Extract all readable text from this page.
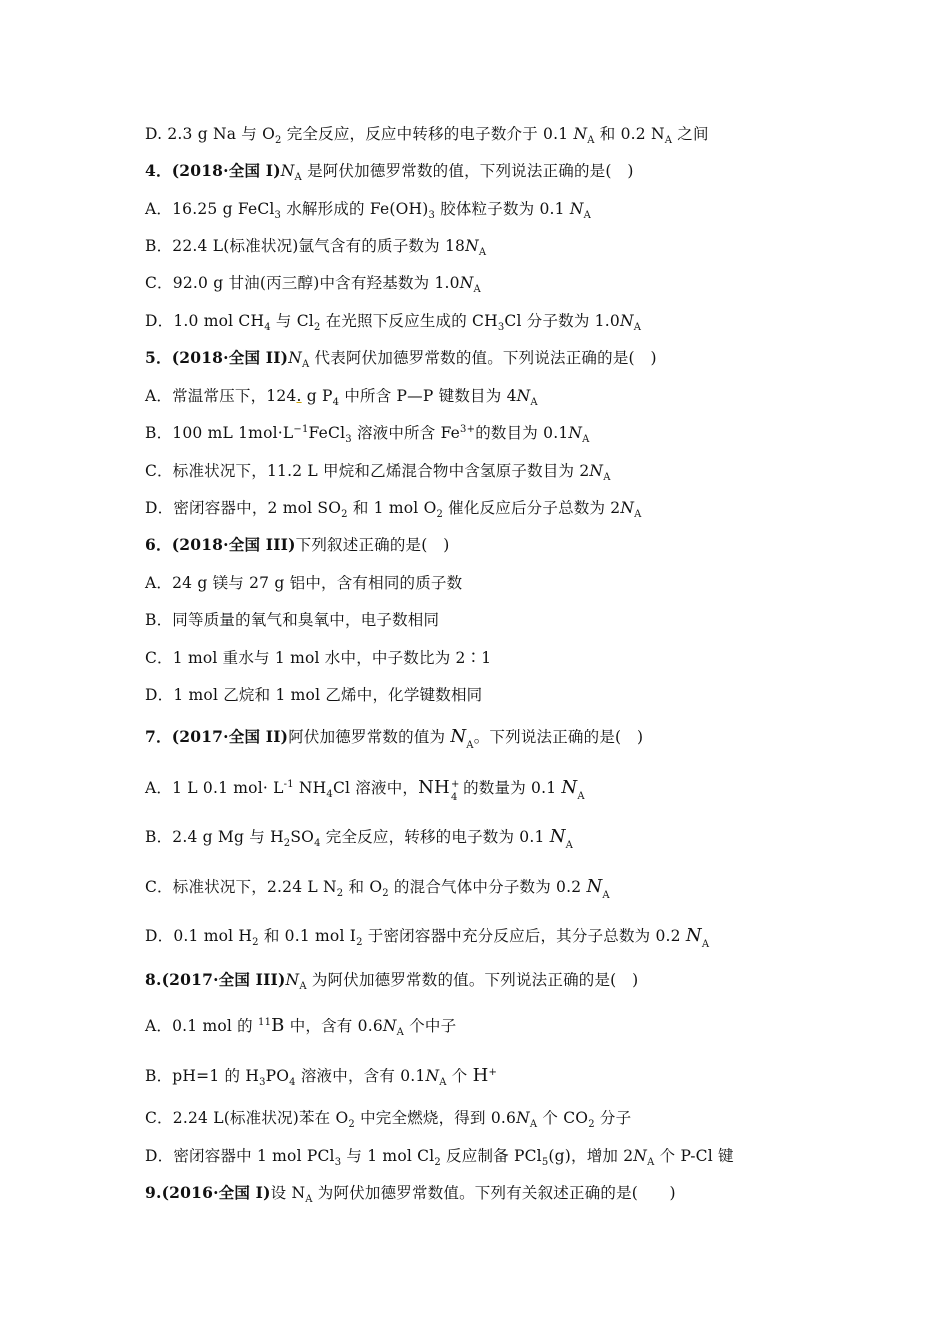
D. 2.3 g Na 与 $O_2$ 完全反应，反应中转移的电子数介于 0.1 $N_A$ 和 0.2 $N_A$ 之间
4．(2018·全国 $I)N_A$ 是阿伏加德罗常数的值，下列说法正确的是(　)
A．16.25 g FeCl$_3$ 水解形成的 $Fe(OH)_3$ 胶体粒子数为 0.1 $N_A$
B．22.4 L(标准状况)氩气含有的质子数为 $18N_A$
C．92.0 g 甘油(丙三醇)中含有羟基数为 $1.0N_A$
D．1.0 mol $CH_4$ 与 $Cl_2$ 在光照下反应生成的 $CH_3Cl$ 分子数为 $1.0N_A$
5．(2018·全国 $II)N_A$ 代表阿伏加德罗常数的值。下列说法正确的是(　)
A．常温常压下，124. g $P_4$ 中所含 P—P 键数目为 $4N_A$
B．100 mL $1mol\cdot L^{-1}FeCl_3$ 溶液中所含 $Fe^{3+}$的数目为 $0.1N_A$
C．标准状况下，11.2 L 甲烷和乙烯混合物中含氢原子数目为 $2N_A$
D．密闭容器中，2 mol $SO_2$ 和 1 mol $O_2$ 催化反应后分子总数为 $2N_A$
6．(2018·全国 III)下列叙述正确的是(　)
A．24 g 镁与 27 g 铝中，含有相同的质子数
B．同等质量的氧气和臭氧中，电子数相同
C．1 mol 重水与 1 mol 水中，中子数比为 2∶1
D．1 mol 乙烷和 1 mol 乙烯中，化学键数相同
7．(2017·全国 II)阿伏加德罗常数的值为 $N_A$。下列说法正确的是(　)
A．1 L 0.1 $mol\cdot L^{-1}$ $NH_4Cl$ 溶液中，NH +
4
的数量为 0.1 $N_A$
B．2.4 g Mg 与 $H_2SO_4$ 完全反应，转移的电子数为 0.1 $N_A$
C．标准状况下，2.24 L $N_2$ 和 $O_2$ 的混合气体中分子数为 0.2 $N_A$
D．0.1 mol $H_2$ 和 0.1 mol $I_2$ 于密闭容器中充分反应后，其分子总数为 0.2 $N_A$
8.(2017·全国 $III)N_A$ 为阿伏加德罗常数的值。下列说法正确的是(　)
A．0.1 mol 的 $^{11}$B 中，含有 $0.6N_A$ 个中子
B．pH=1 的 $H_3PO_4$ 溶液中，含有 $0.1N_A$ 个 H+
C．2.24 L(标准状况)苯在 $O_2$ 中完全燃烧，得到 $0.6N_A$ 个 $CO_2$ 分子
D．密闭容器中 1 mol PCl$_3$ 与 1 mol $Cl_2$ 反应制备 PCl$_5$(g)，增加 $2N_A$ 个 P-Cl 键
9.(2016·全国 I)设 $N_A$ 为阿伏加德罗常数值。下列有关叙述正确的是(　　)
